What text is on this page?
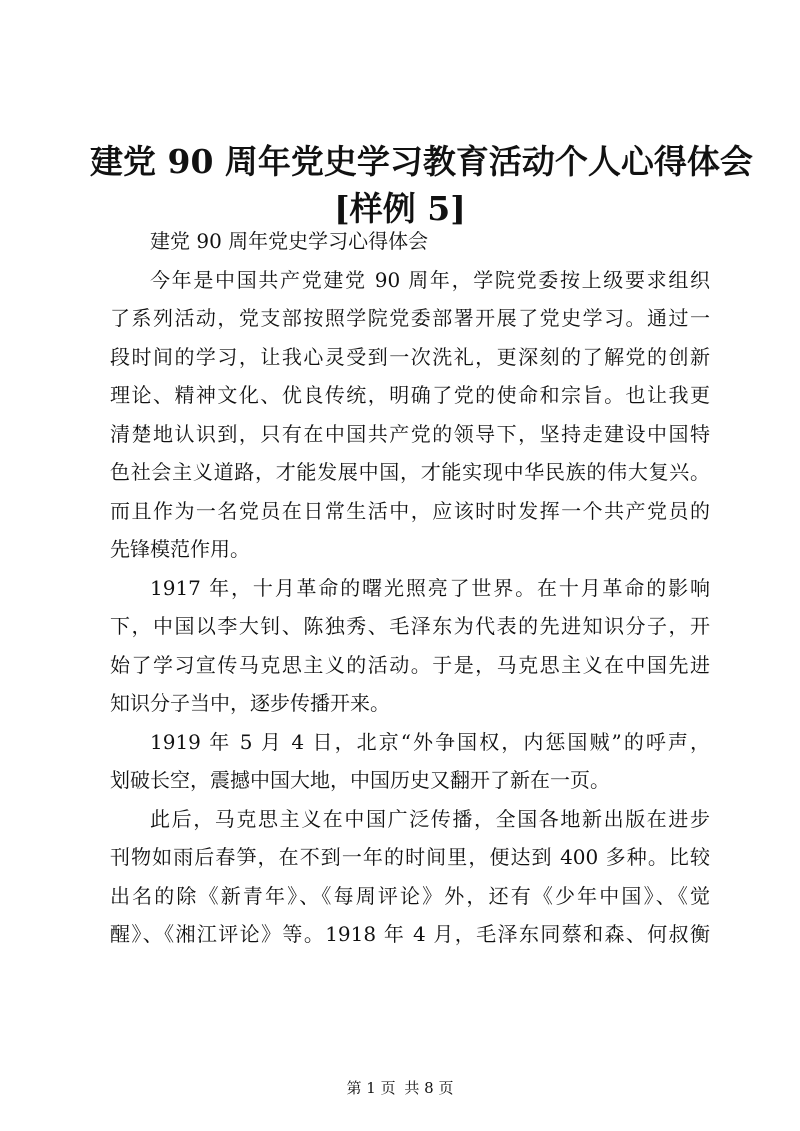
建党 90 周年党史学习教育活动个人心得体会
[样例 5]

建党 90 周年党史学习心得体会

今年是中国共产党建党 90 周年，学院党委按上级要求组织
了系列活动，党支部按照学院党委部署开展了党史学习。通过一
段时间的学习，让我心灵受到一次洗礼，更深刻的了解党的创新
理论、精神文化、优良传统，明确了党的使命和宗旨。也让我更
清楚地认识到，只有在中国共产党的领导下，坚持走建设中国特
色社会主义道路，才能发展中国，才能实现中华民族的伟大复兴。
而且作为一名党员在日常生活中，应该时时发挥一个共产党员的
先锋模范作用。

1917 年，十月革命的曙光照亮了世界。在十月革命的影响
下，中国以李大钊、陈独秀、毛泽东为代表的先进知识分子，开
始了学习宣传马克思主义的活动。于是，马克思主义在中国先进
知识分子当中，逐步传播开来。

1919 年 5 月 4 日，北京“外争国权，内惩国贼”的呼声，
划破长空，震撼中国大地，中国历史又翻开了新在一页。

此后，马克思主义在中国广泛传播，全国各地新出版在进步
刊物如雨后春笋，在不到一年的时间里，便达到 400 多种。比较
出名的除《新青年》、《每周评论》外，还有《少年中国》、《觉
醒》、《湘江评论》等。1918 年 4 月，毛泽东同蔡和森、何叔衡

第 1 页 共 8 页
